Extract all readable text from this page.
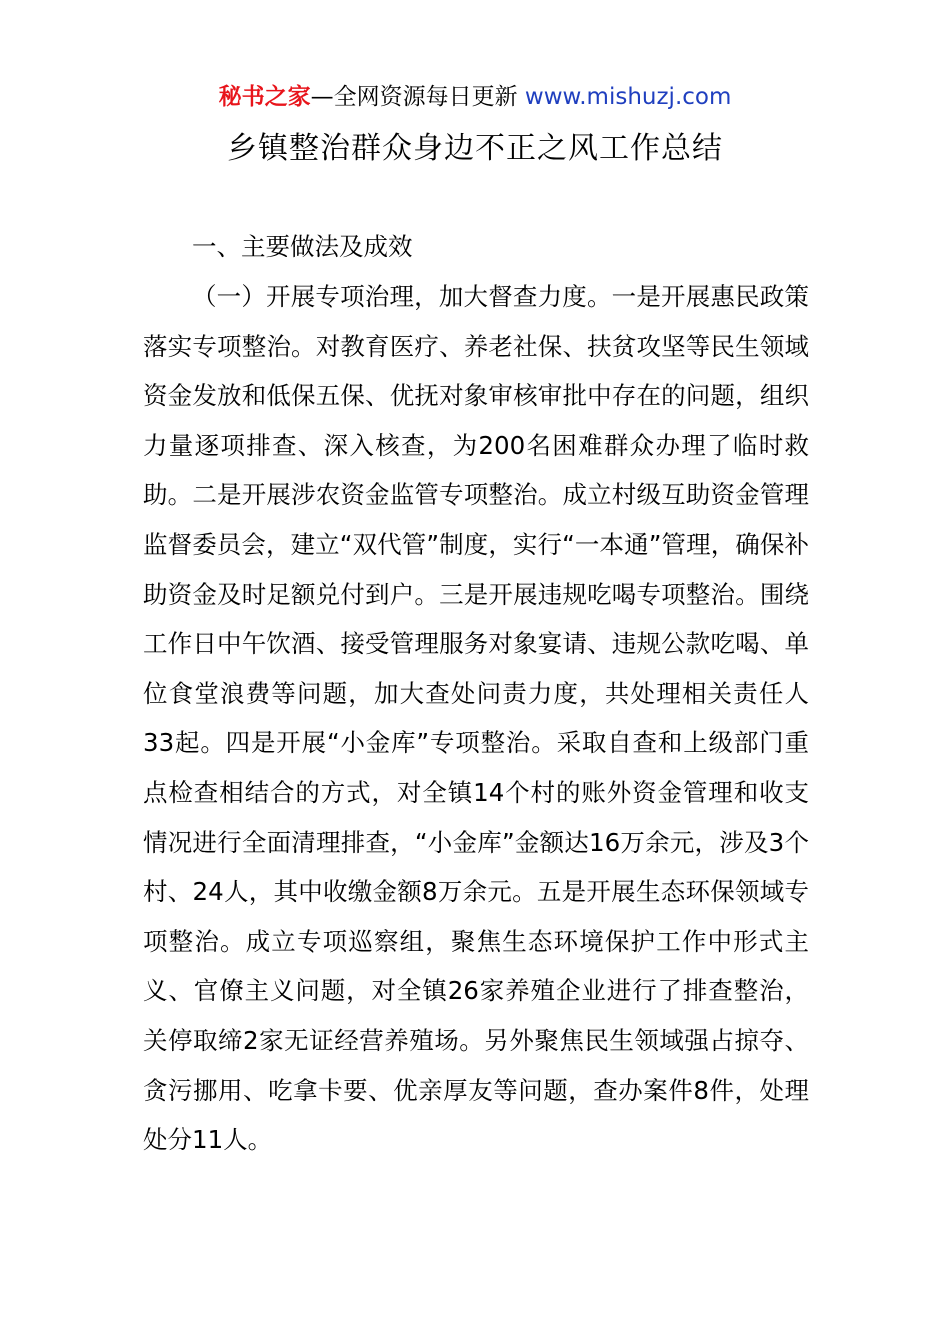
秘书之家—全网资源每日更新 www.mishuzj.com
乡镇整治群众身边不正之风工作总结

一、主要做法及成效

（一）开展专项治理，加大督查力度。一是开展惠民政策落实专项整治。对教育医疗、养老社保、扶贫攻坚等民生领域资金发放和低保五保、优抚对象审核审批中存在的问题，组织力量逐项排查、深入核查，为200名困难群众办理了临时救助。二是开展涉农资金监管专项整治。成立村级互助资金管理监督委员会，建立“双代管”制度，实行“一本通”管理，确保补助资金及时足额兑付到户。三是开展违规吃喝专项整治。围绕工作日中午饮酒、接受管理服务对象宴请、违规公款吃喝、单位食堂浪费等问题，加大查处问责力度，共处理相关责任人33起。四是开展“小金库”专项整治。采取自查和上级部门重点检查相结合的方式，对全镇14个村的账外资金管理和收支情况进行全面清理排查，“小金库”金额达16万余元，涉及3个村、24人，其中收缴金额8万余元。五是开展生态环保领域专项整治。成立专项巡察组，聚焦生态环境保护工作中形式主义、官僚主义问题，对全镇26家养殖企业进行了排查整治，关停取缔2家无证经营养殖场。另外聚焦民生领域强占掠夺、贪污挪用、吃拿卡要、优亲厚友等问题，查办案件8件，处理处分11人。
